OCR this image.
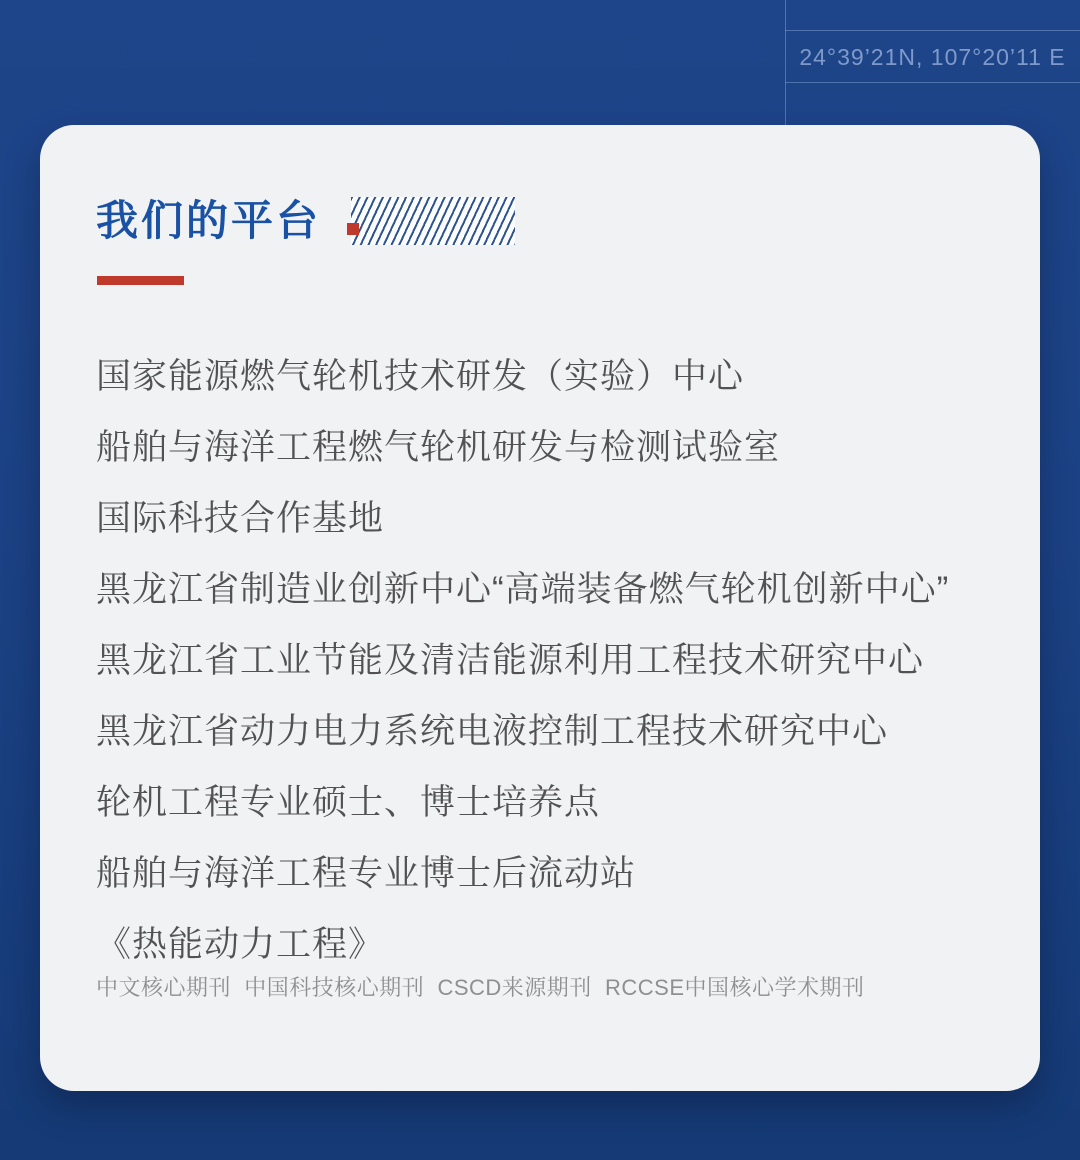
24°39’21N, 107°20’11 E
我们的平台
国家能源燃气轮机技术研发（实验）中心
船舶与海洋工程燃气轮机研发与检测试验室
国际科技合作基地
黑龙江省制造业创新中心“高端装备燃气轮机创新中心”
黑龙江省工业节能及清洁能源利用工程技术研究中心
黑龙江省动力电力系统电液控制工程技术研究中心
轮机工程专业硕士、博士培养点
船舶与海洋工程专业博士后流动站
《热能动力工程》
中文核心期刊  中国科技核心期刊  CSCD来源期刊  RCCSE中国核心学术期刊
